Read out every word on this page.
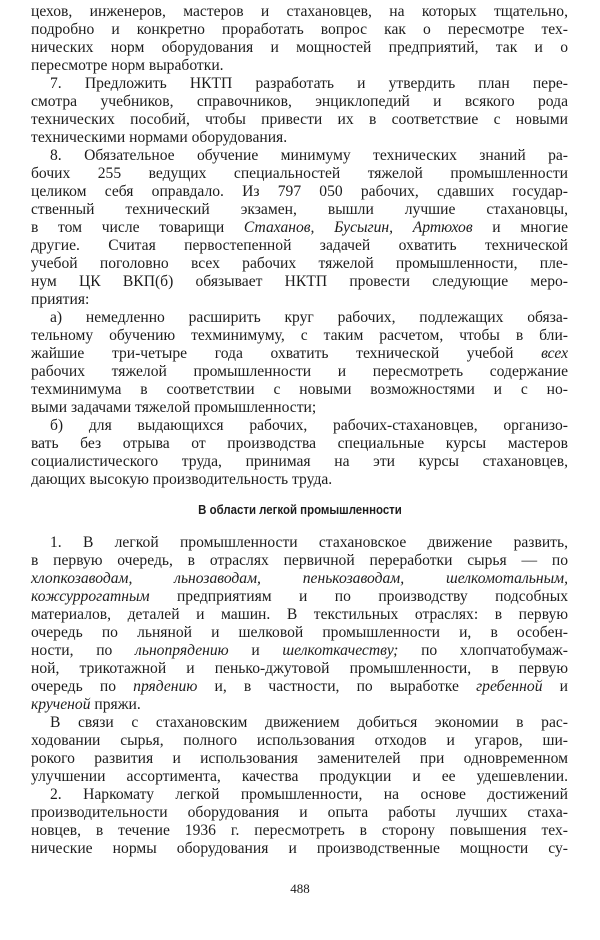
цехов, инженеров, мастеров и стахановцев, на которых тщательно,
подробно и конкретно проработать вопрос как о пересмотре тех-
нических норм оборудования и мощностей предприятий, так и о
пересмотре норм выработки.
7. Предложить НКТП разработать и утвердить план пере-
смотра учебников, справочников, энциклопедий и всякого рода
технических пособий, чтобы привести их в соответствие с новыми
техническими нормами оборудования.
8. Обязательное обучение минимуму технических знаний ра-
бочих 255 ведущих специальностей тяжелой промышленности
целиком себя оправдало. Из 797 050 рабочих, сдавших государ-
ственный технический экзамен, вышли лучшие стахановцы,
в том числе товарищи Стаханов, Бусыгин, Артюхов и многие
другие. Считая первостепенной задачей охватить технической
учебой поголовно всех рабочих тяжелой промышленности, пле-
нум ЦК ВКП(б) обязывает НКТП провести следующие меро-
приятия:
а) немедленно расширить круг рабочих, подлежащих обяза-
тельному обучению техминимуму, с таким расчетом, чтобы в бли-
жайшие три-четыре года охватить технической учебой всех
рабочих тяжелой промышленности и пересмотреть содержание
техминимума в соответствии с новыми возможностями и с но-
выми задачами тяжелой промышленности;
б) для выдающихся рабочих, рабочих-стахановцев, организо-
вать без отрыва от производства специальные курсы мастеров
социалистического труда, принимая на эти курсы стахановцев,
дающих высокую производительность труда.
В области легкой промышленности
1. В легкой промышленности стахановское движение развить,
в первую очередь, в отраслях первичной переработки сырья — по
хлопкозаводам, льнозаводам, пенькозаводам, шелкомотальным,
кожсуррогатным предприятиям и по производству подсобных
материалов, деталей и машин. В текстильных отраслях: в первую
очередь по льняной и шелковой промышленности и, в особен-
ности, по льнопрядению и шелкоткачеству; по хлопчатобумаж-
ной, трикотажной и пенько-джутовой промышленности, в первую
очередь по прядению и, в частности, по выработке гребенной и
крученой пряжи.
В связи с стахановским движением добиться экономии в рас-
ходовании сырья, полного использования отходов и угаров, ши-
рокого развития и использования заменителей при одновременном
улучшении ассортимента, качества продукции и ее удешевлении.
2. Наркомату легкой промышленности, на основе достижений
производительности оборудования и опыта работы лучших стаха-
новцев, в течение 1936 г. пересмотреть в сторону повышения тех-
нические нормы оборудования и производственные мощности су-
488
